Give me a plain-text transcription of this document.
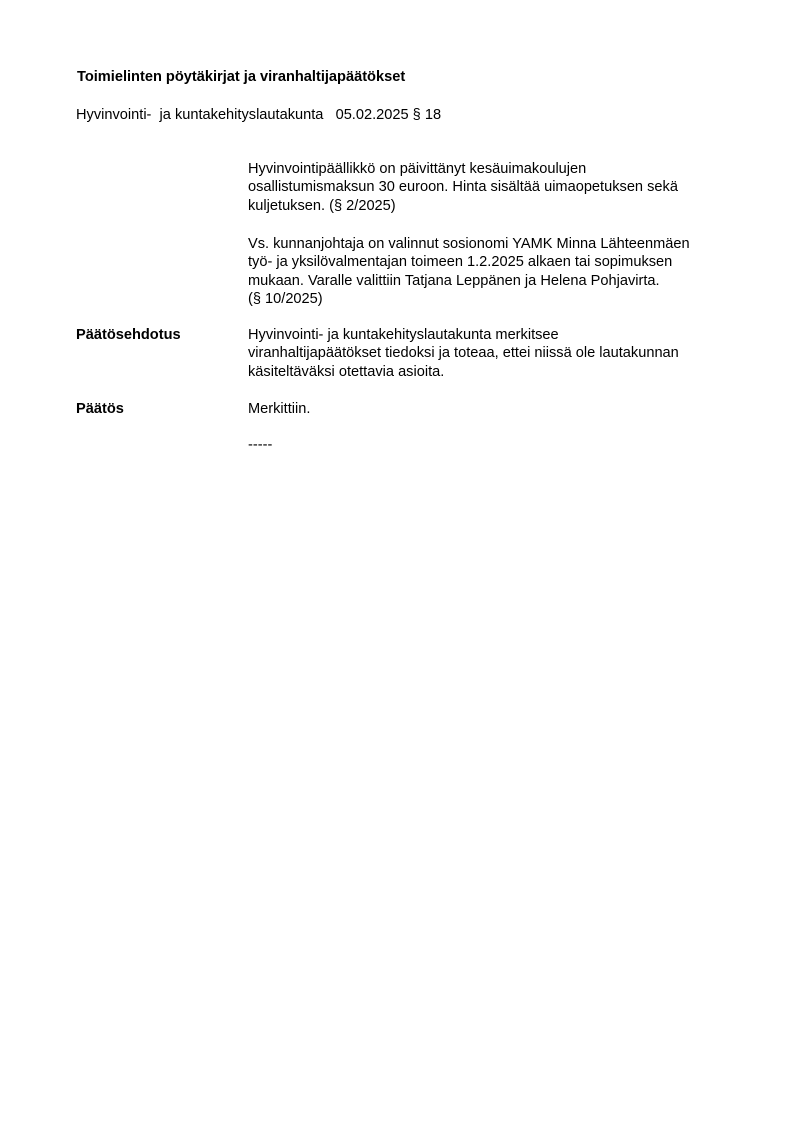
Toimielinten pöytäkirjat ja viranhaltijapäätökset
Hyvinvointi-  ja kuntakehityslautakunta   05.02.2025 § 18
Hyvinvointipäällikkö on päivittänyt kesäuimakoulujen
osallistumismaksun 30 euroon. Hinta sisältää uimaopetuksen sekä
kuljetuksen. (§ 2/2025)
Vs. kunnanjohtaja on valinnut sosionomi YAMK Minna Lähteenmäen
työ- ja yksilövalmentajan toimeen 1.2.2025 alkaen tai sopimuksen
mukaan. Varalle valittiin Tatjana Leppänen ja Helena Pohjavirta.
(§ 10/2025)
Päätösehdotus	Hyvinvointi- ja kuntakehityslautakunta merkitsee
viranhaltijapäätökset tiedoksi ja toteaa, ettei niissä ole lautakunnan
käsiteltäväksi otettavia asioita.
Päätös	Merkittiin.
-----
